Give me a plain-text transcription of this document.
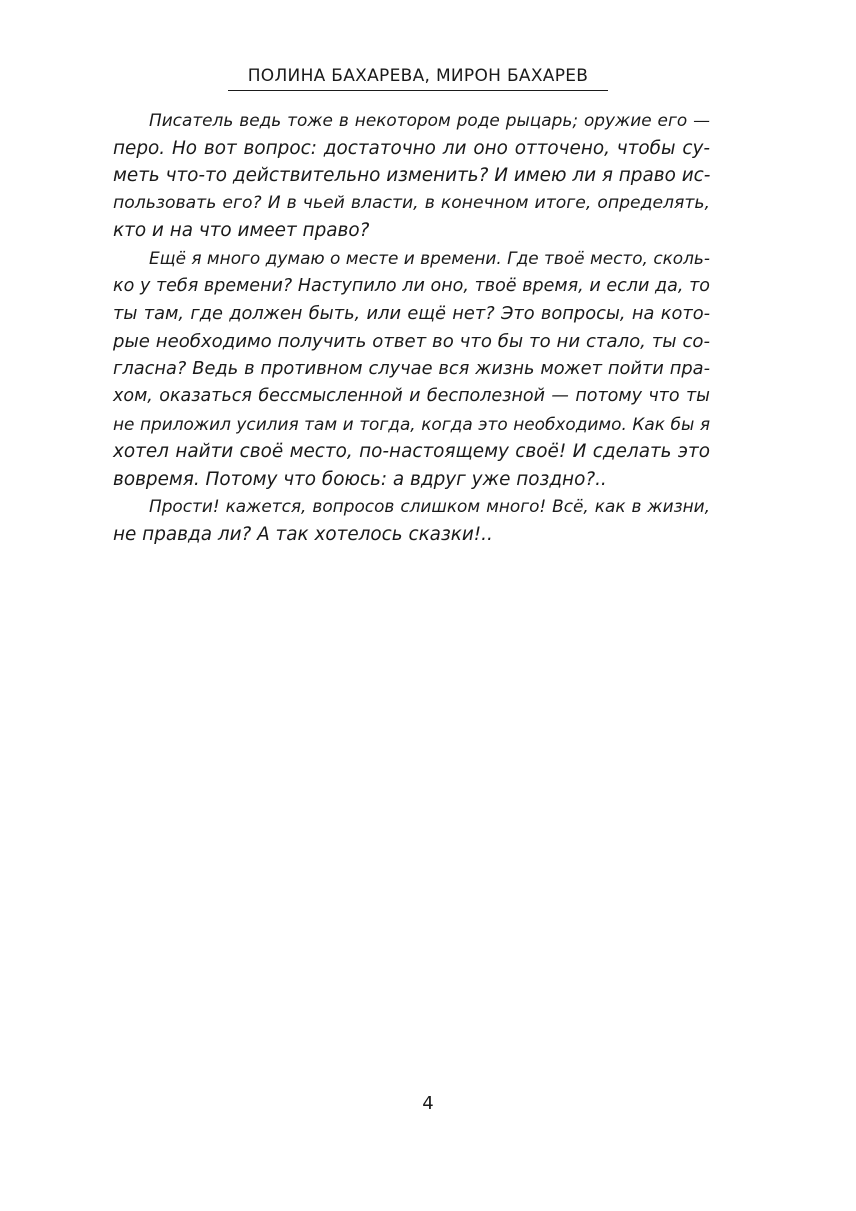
ПОЛИНА БАХАРЕВА, МИРОН БАХАРЕВ
Писатель ведь тоже в некотором роде рыцарь; оружие его —
перо. Но вот вопрос: достаточно ли оно отточено, чтобы су-
меть что-то действительно изменить? И имею ли я право ис-
пользовать его? И в чьей власти, в конечном итоге, определять,
кто и на что имеет право?
Ещё я много думаю о месте и времени. Где твоё место, сколь-
ко у тебя времени? Наступило ли оно, твоё время, и если да, то
ты там, где должен быть, или ещё нет? Это вопросы, на кото-
рые необходимо получить ответ во что бы то ни стало, ты со-
гласна? Ведь в противном случае вся жизнь может пойти пра-
хом, оказаться бессмысленной и бесполезной — потому что ты
не приложил усилия там и тогда, когда это необходимо. Как бы я
хотел найти своё место, по-настоящему своё! И сделать это
вовремя. Потому что боюсь: а вдруг уже поздно?..
Прости! кажется, вопросов слишком много! Всё, как в жизни,
не правда ли? А так хотелось сказки!..
4
